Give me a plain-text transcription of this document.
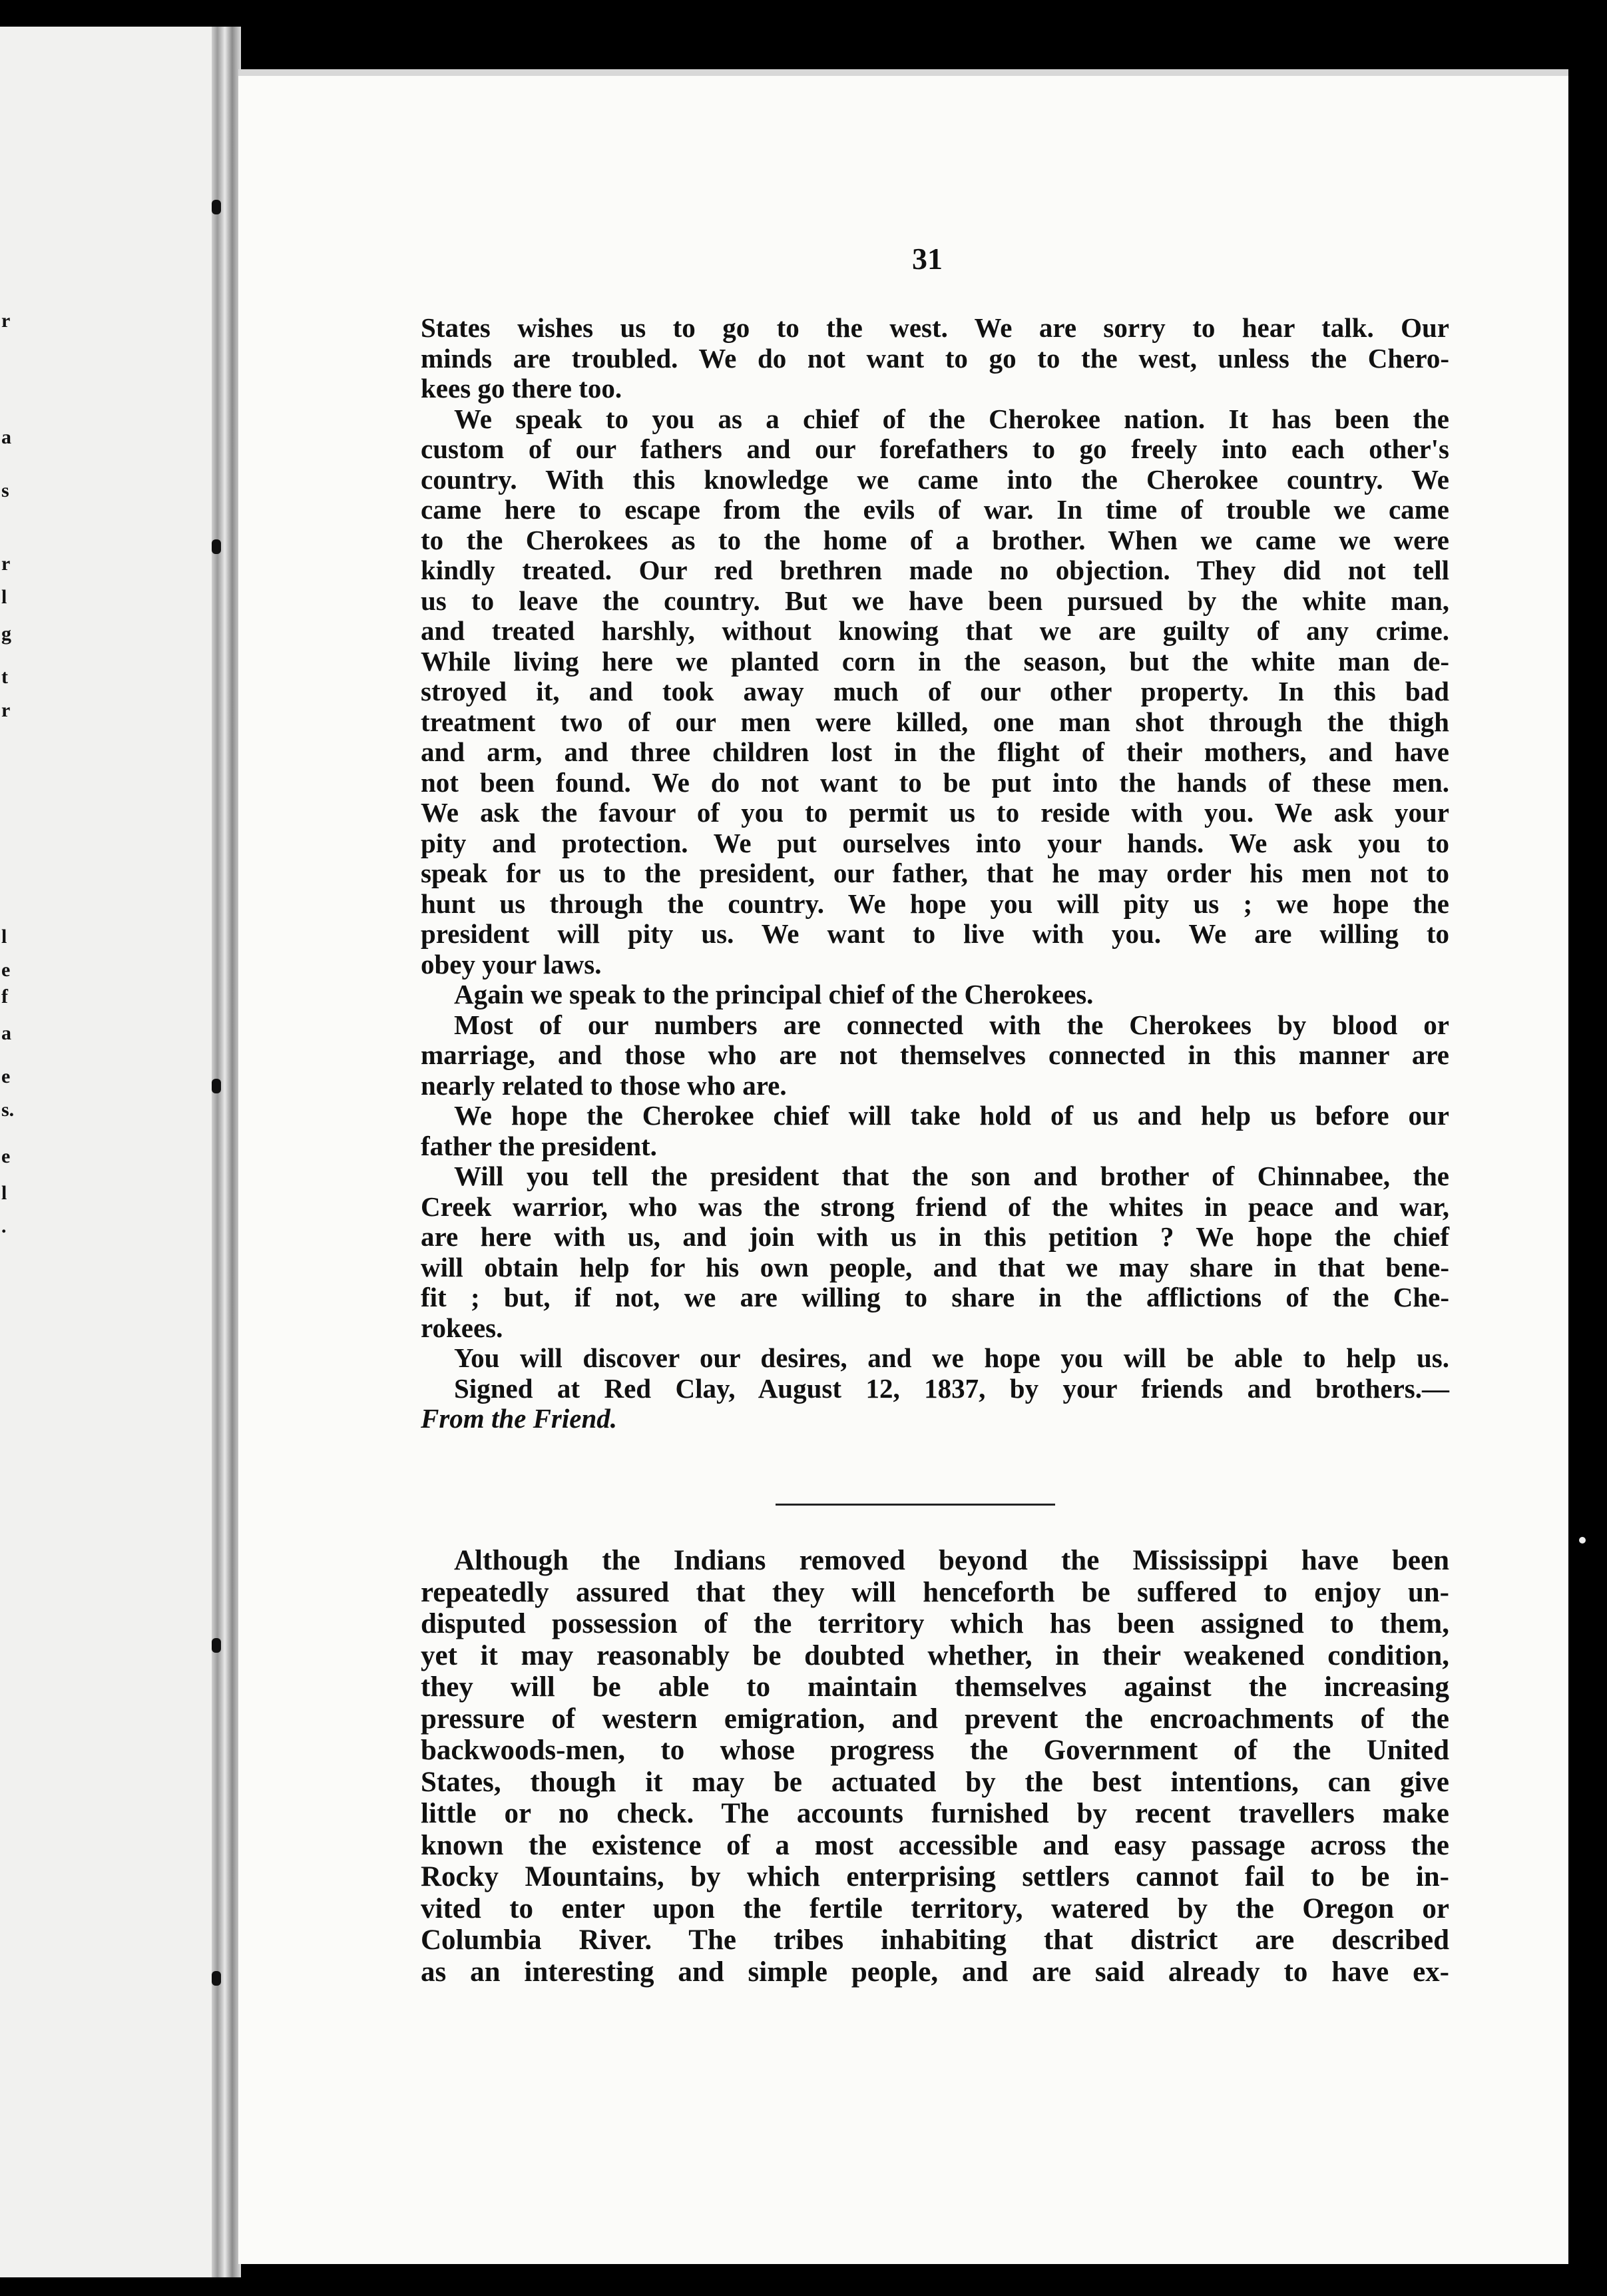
r
a
s
r
l
g
t
r
l
e
f
a
e
s.
e
l
.
31
States wishes us to go to the west. We are sorry to hear talk. Our
minds are troubled. We do not want to go to the west, unless the Chero-
kees go there too.
We speak to you as a chief of the Cherokee nation. It has been the
custom of our fathers and our forefathers to go freely into each other's
country. With this knowledge we came into the Cherokee country. We
came here to escape from the evils of war. In time of trouble we came
to the Cherokees as to the home of a brother. When we came we were
kindly treated. Our red brethren made no objection. They did not tell
us to leave the country. But we have been pursued by the white man,
and treated harshly, without knowing that we are guilty of any crime.
While living here we planted corn in the season, but the white man de-
stroyed it, and took away much of our other property. In this bad
treatment two of our men were killed, one man shot through the thigh
and arm, and three children lost in the flight of their mothers, and have
not been found. We do not want to be put into the hands of these men.
We ask the favour of you to permit us to reside with you. We ask your
pity and protection. We put ourselves into your hands. We ask you to
speak for us to the president, our father, that he may order his men not to
hunt us through the country. We hope you will pity us ; we hope the
president will pity us. We want to live with you. We are willing to
obey your laws.
Again we speak to the principal chief of the Cherokees.
Most of our numbers are connected with the Cherokees by blood or
marriage, and those who are not themselves connected in this manner are
nearly related to those who are.
We hope the Cherokee chief will take hold of us and help us before our
father the president.
Will you tell the president that the son and brother of Chinnabee, the
Creek warrior, who was the strong friend of the whites in peace and war,
are here with us, and join with us in this petition ? We hope the chief
will obtain help for his own people, and that we may share in that bene-
fit ; but, if not, we are willing to share in the afflictions of the Che-
rokees.
You will discover our desires, and we hope you will be able to help us.
Signed at Red Clay, August 12, 1837, by your friends and brothers.—
From the Friend.
Although the Indians removed beyond the Mississippi have been
repeatedly assured that they will henceforth be suffered to enjoy un-
disputed possession of the territory which has been assigned to them,
yet it may reasonably be doubted whether, in their weakened condition,
they will be able to maintain themselves against the increasing
pressure of western emigration, and prevent the encroachments of the
backwoods-men, to whose progress the Government of the United
States, though it may be actuated by the best intentions, can give
little or no check. The accounts furnished by recent travellers make
known the existence of a most accessible and easy passage across the
Rocky Mountains, by which enterprising settlers cannot fail to be in-
vited to enter upon the fertile territory, watered by the Oregon or
Columbia River. The tribes inhabiting that district are described
as an interesting and simple people, and are said already to have ex-
